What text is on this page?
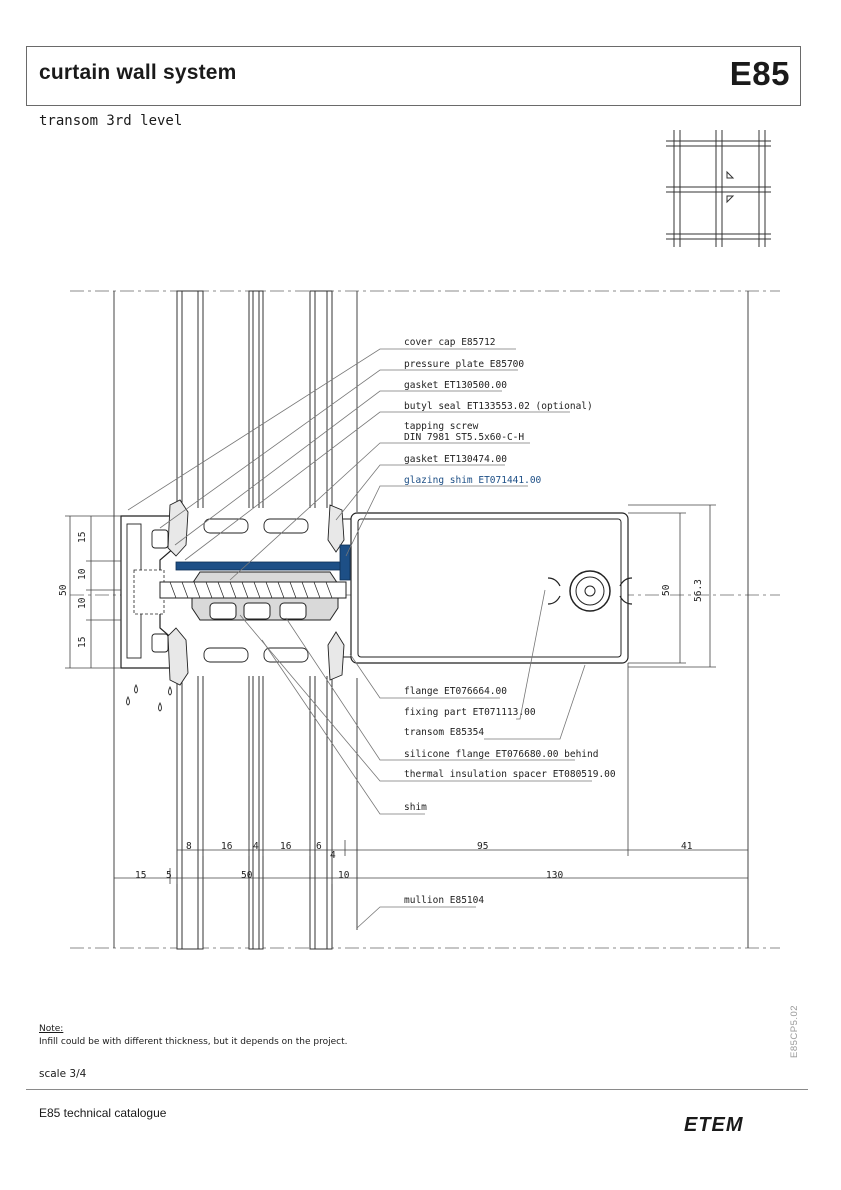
curtain wall system	E85
transom 3rd level
cover cap E85712
pressure plate E85700
gasket ET130500.00
butyl seal ET133553.02 (optional)
tapping screw
DIN 7981 ST5.5x60-C-H
gasket ET130474.00
glazing shim ET071441.00
flange ET076664.00
fixing part ET071113.00
transom E85354
silicone flange ET076680.00 behind
thermal insulation spacer ET080519.00
shim
mullion E85104
15
10
10
15
50	50 56.3
8	16 4 16	6
4
95	41
15 5	50	10	130
Note:
Infill could be with different thickness, but it depends on the project.
scale 3/4
E85CP5.02
E85 technical catalogue
ETEM
